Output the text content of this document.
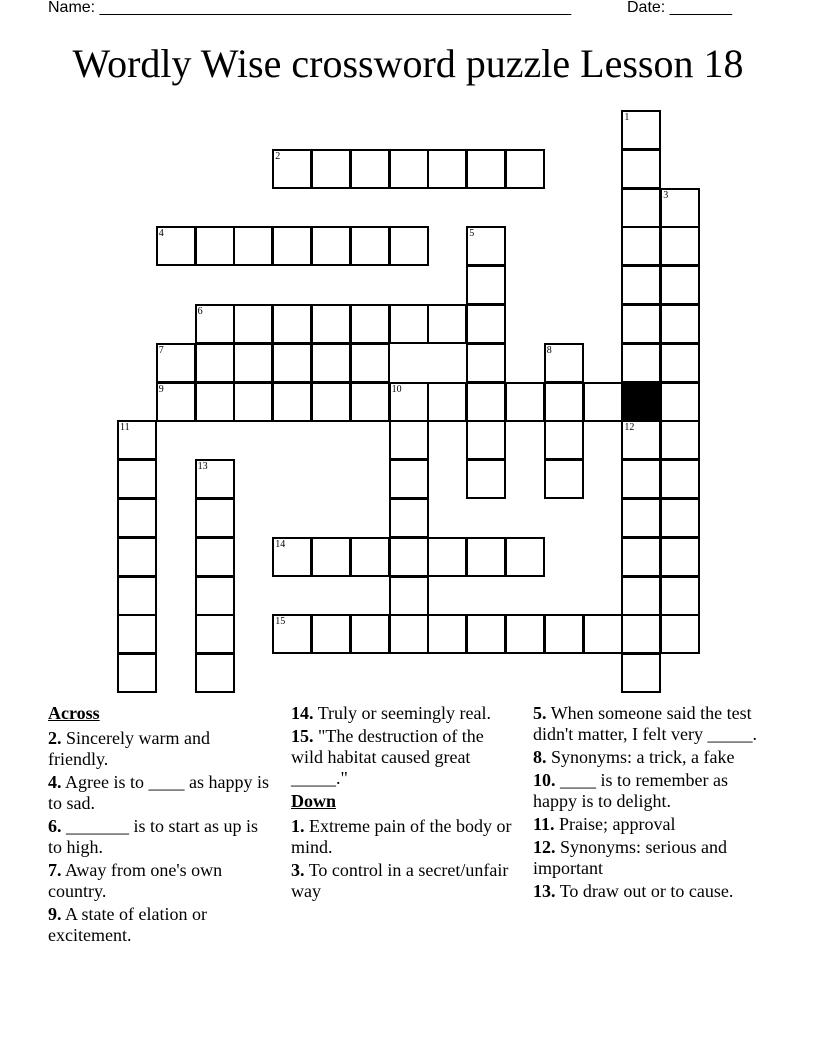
Name: _____________________________________________________	Date: _______
Wordly Wise crossword puzzle Lesson 18
1
2
3
4	5
6
7	8
9	10
11	12
13
14
15
Across
2. Sincerely warm and friendly.
4. Agree is to ____ as happy is to sad.
6. _______ is to start as up is to high.
7. Away from one's own country.
9. A state of elation or excitement.
14. Truly or seemingly real.
15. "The destruction of the wild habitat caused great _____."
Down
1. Extreme pain of the body or mind.
3. To control in a secret/unfair way
5. When someone said the test didn't matter, I felt very _____.
8. Synonyms: a trick, a fake
10. ____ is to remember as happy is to delight.
11. Praise; approval
12. Synonyms: serious and important
13. To draw out or to cause.
